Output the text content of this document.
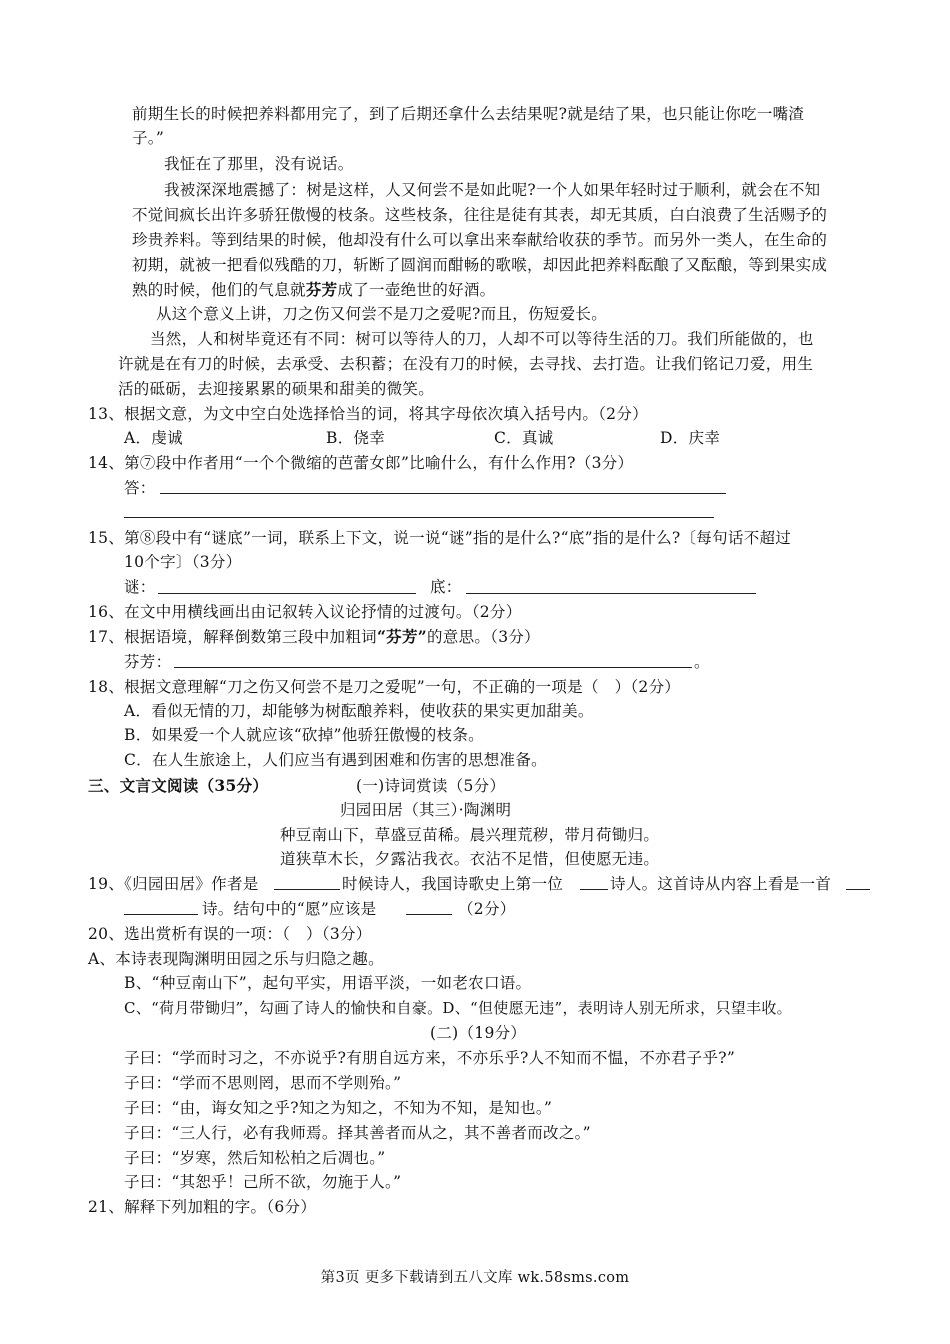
前期生长的时候把养料都用完了，到了后期还拿什么去结果呢?就是结了果，也只能让你吃一嘴渣
子。”
我怔在了那里，没有说话。
我被深深地震撼了：树是这样，人又何尝不是如此呢?一个人如果年轻时过于顺利，就会在不知
不觉间疯长出许多骄狂傲慢的枝条。这些枝条，往往是徒有其表，却无其质，白白浪费了生活赐予的
珍贵养料。等到结果的时候，他却没有什么可以拿出来奉献给收获的季节。而另外一类人，在生命的
初期，就被一把看似残酷的刀，斩断了圆润而酣畅的歌喉，却因此把养料酝酿了又酝酿，等到果实成
熟的时候，他们的气息就芬芳成了一壶绝世的好酒。
从这个意义上讲，刀之伤又何尝不是刀之爱呢?而且，伤短爱长。
当然，人和树毕竟还有不同：树可以等待人的刀，人却不可以等待生活的刀。我们所能做的，也
许就是在有刀的时候，去承受、去积蓄；在没有刀的时候，去寻找、去打造。让我们铭记刀爱，用生
活的砥砺，去迎接累累的硕果和甜美的微笑。
13、根据文意，为文中空白处选择恰当的词，将其字母依次填入括号内。（2分）
A．虔诚	B．侥幸	C．真诚	D．庆幸
14、第⑦段中作者用“一个个微缩的芭蕾女郎”比喻什么，有什么作用?（3分）
答：
15、第⑧段中有“谜底”一词，联系上下文，说一说“谜”指的是什么?“底”指的是什么?〔每句话不超过
10个字〕（3分）
谜：	底：
16、在文中用横线画出由记叙转入议论抒情的过渡句。（2分）
17、根据语境，解释倒数第三段中加粗词“芬芳”的意思。（3分）
芬芳：	。
18、根据文意理解“刀之伤又何尝不是刀之爱呢”一句，不正确的一项是（　）（2分）
A．看似无情的刀，却能够为树酝酿养料，使收获的果实更加甜美。
B．如果爱一个人就应该“砍掉”他骄狂傲慢的枝条。
C．在人生旅途上，人们应当有遇到困难和伤害的思想准备。
三、文言文阅读（35分）	(一)诗词赏读（5分）
归园田居（其三）·陶渊明
种豆南山下，草盛豆苗稀。晨兴理荒秽，带月荷锄归。
道狭草木长，夕露沾我衣。衣沾不足惜，但使愿无违。
19、《归园田居》作者是	时候诗人，我国诗歌史上第一位	诗人。这首诗从内容上看是一首
诗。结句中的“愿”应该是	（2分）
20、选出赏析有误的一项：（　）（3分）
A、本诗表现陶渊明田园之乐与归隐之趣。
B、“种豆南山下”，起句平实，用语平淡，一如老农口语。
C、“荷月带锄归”，勾画了诗人的愉快和自豪。D、“但使愿无违”，表明诗人别无所求，只望丰收。
(二)（19分）
子曰：“学而时习之，不亦说乎?有朋自远方来，不亦乐乎?人不知而不愠，不亦君子乎?”
子曰：“学而不思则罔，思而不学则殆。”
子曰：“由，诲女知之乎?知之为知之，不知为不知，是知也。”
子曰：“三人行，必有我师焉。择其善者而从之，其不善者而改之。”
子曰：“岁寒，然后知松柏之后凋也。”
子曰：“其恕乎！己所不欲，勿施于人。”
21、解释下列加粗的字。（6分）
第3页 更多下载请到五八文库 wk.58sms.com
